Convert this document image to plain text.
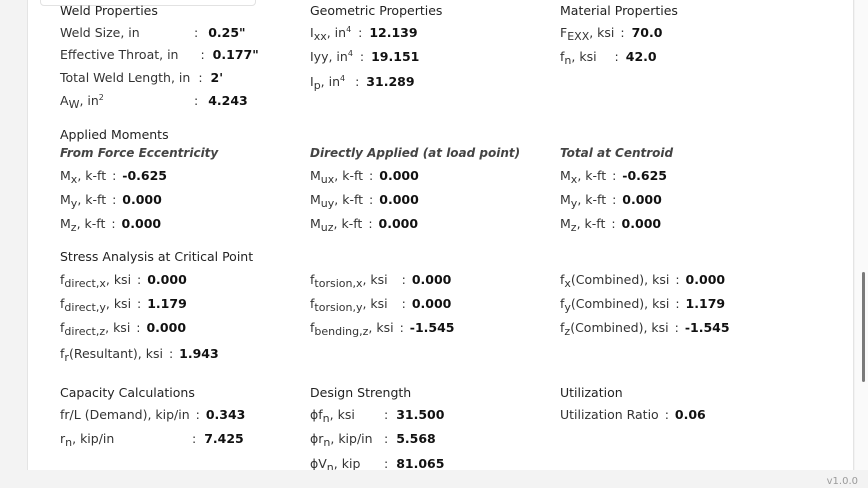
Weld Properties
Weld Size, in	: 0.25"
Effective Throat, in : 0.177"
Total Weld Length, in : 2'
$A_W$, $in^2$	: 4.243
Geometric Properties
$I_{xx}$, $in^4$ : 12.139
Iyy, $in^4$ : 19.151
$I_p$, $in^4$ : 31.289
Material Properties
$F_{EXX}$, ksi : 70.0
$f_n$, ksi : 42.0
Applied Moments
From Force Eccentricity	Directly Applied (at load point)	Total at Centroid
$M_x$, k-ft : -0.625
$M_y$, k-ft : 0.000
$M_z$, k-ft : 0.000
$M_{ux}$, k-ft : 0.000
$M_{uy}$, k-ft : 0.000
$M_{uz}$, k-ft : 0.000
$M_x$, k-ft : -0.625
$M_y$, k-ft : 0.000
$M_z$, k-ft : 0.000
Stress Analysis at Critical Point
$f_{direct,x}$, ksi : 0.000
$f_{direct,y}$, ksi : 1.179
$f_{direct,z}$, ksi : 0.000
$f_r(Resultant)$, ksi : 1.943
$f_{torsion,x}$, ksi : 0.000
$f_{torsion,y}$, ksi : 0.000
$f_{bending,z}$, ksi : -1.545
$f_x(Combined)$, ksi : 0.000
$f_y(Combined)$, ksi : 1.179
$f_z(Combined)$, ksi : -1.545
Capacity Calculations
fr/L (Demand), kip/in : 0.343
$r_n$, kip/in	: 7.425
Design Strength
$\phi f_n$, ksi : 31.500
$\phi r_n$, kip/in : 5.568
$\phi V_n$, kip : 81.065
Utilization
Utilization Ratio : 0.06
v1.0.0
